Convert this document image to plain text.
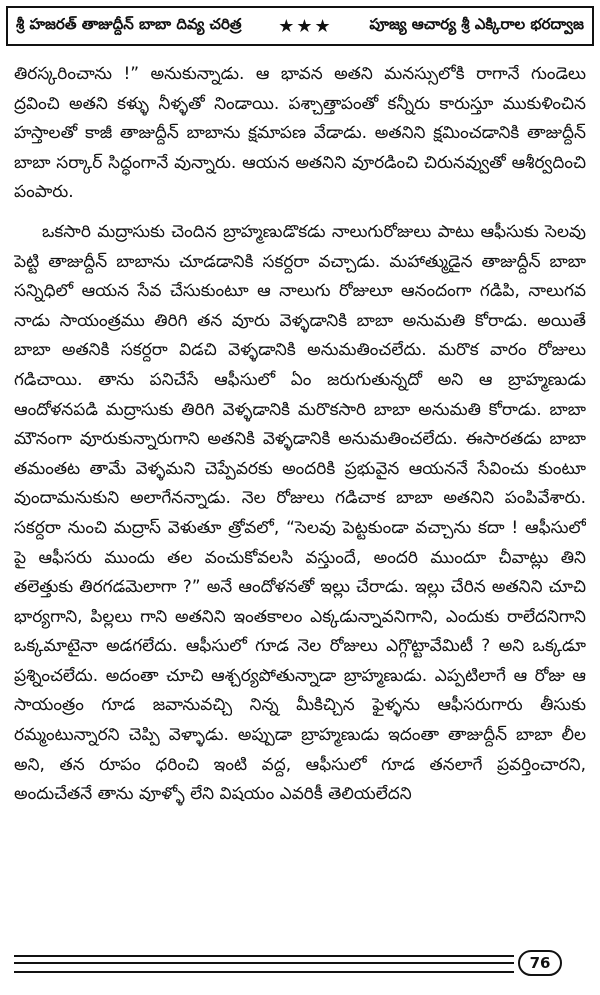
శ్రీ హజరత్ తాజుద్దీన్ బాబా దివ్య చరిత్ర ★★★ పూజ్య ఆచార్య శ్రీ ఎక్కిరాల భరద్వాజ

తిరస్కరించాను !” అనుకున్నాడు. ఆ భావన అతని మనస్సులోకి రాగానే గుండెలు ద్రవించి అతని కళ్ళు నీళ్ళతో నిండాయి. పశ్చాత్తాపంతో కన్నీరు కారుస్తూ ముకుళించిన హస్తాలతో కాజీ తాజుద్దీన్ బాబాను క్షమాపణ వేడాడు. అతనిని క్షమించడానికి తాజుద్దీన్ బాబా సర్కార్ సిద్ధంగానే వున్నారు. ఆయన అతనిని వూరడించి చిరునవ్వుతో ఆశీర్వదించి పంపారు.

ఒకసారి మద్రాసుకు చెందిన బ్రాహ్మణుడొకడు నాలుగురోజులు పాటు ఆఫీసుకు సెలవు పెట్టి తాజుద్దీన్ బాబాను చూడడానికి సకర్దరా వచ్చాడు. మహాత్ముడైన తాజుద్దీన్ బాబా సన్నిధిలో ఆయన సేవ చేసుకుంటూ ఆ నాలుగు రోజులూ ఆనందంగా గడిపి, నాలుగవ నాడు సాయంత్రము తిరిగి తన వూరు వెళ్ళడానికి బాబా అనుమతి కోరాడు. అయితే బాబా అతనికి సకర్దరా విడచి వెళ్ళడానికి అనుమతించలేదు. మరొక వారం రోజులు గడిచాయి. తాను పనిచేసే ఆఫీసులో ఏం జరుగుతున్నదో అని ఆ బ్రాహ్మణుడు ఆందోళనపడి మద్రాసుకు తిరిగి వెళ్ళడానికి మరొకసారి బాబా అనుమతి కోరాడు. బాబా మౌనంగా వూరుకున్నారుగాని అతనికి వెళ్ళడానికి అనుమతించలేదు. ఈసారతడు బాబా తమంతట తామే వెళ్ళమని చెప్పేవరకు అందరికి ప్రభువైన ఆయననే సేవించు కుంటూ వుందామనుకుని అలాగేనన్నాడు. నెల రోజులు గడిచాక బాబా అతనిని పంపివేశారు. సకర్దరా నుంచి మద్రాస్ వెళుతూ త్రోవలో, “సెలవు పెట్టకుండా వచ్చాను కదా ! ఆఫీసులో పై ఆఫీసరు ముందు తల వంచుకోవలసి వస్తుందే, అందరి ముందూ చీవాట్లు తిని తలెత్తుకు తిరగడమెలాగా ?” అనే ఆందోళనతో ఇల్లు చేరాడు. ఇల్లు చేరిన అతనిని చూచి భార్యగాని, పిల్లలు గాని అతనిని ఇంతకాలం ఎక్కడున్నావనిగాని, ఎందుకు రాలేదనిగాని ఒక్కమాటైనా అడగలేదు. ఆఫీసులో గూడ నెల రోజులు ఎగ్గొట్టావేమిటీ ? అని ఒక్కడూ ప్రశ్నించలేదు. అదంతా చూచి ఆశ్చర్యపోతున్నాడా బ్రాహ్మణుడు. ఎప్పటిలాగే ఆ రోజు ఆ సాయంత్రం గూడ జవానువచ్చి నిన్న మీకిచ్చిన ఫైళ్ళను ఆఫీసరుగారు తీసుకు రమ్మంటున్నారని చెప్పి వెళ్ళాడు. అప్పుడా బ్రాహ్మణుడు ఇదంతా తాజుద్దీన్ బాబా లీల అని, తన రూపం ధరించి ఇంటి వద్ద, ఆఫీసులో గూడ తనలాగే ప్రవర్తించారని, అందుచేతనే తాను వూళ్ళో లేని విషయం ఎవరికీ తెలియలేదని

76
